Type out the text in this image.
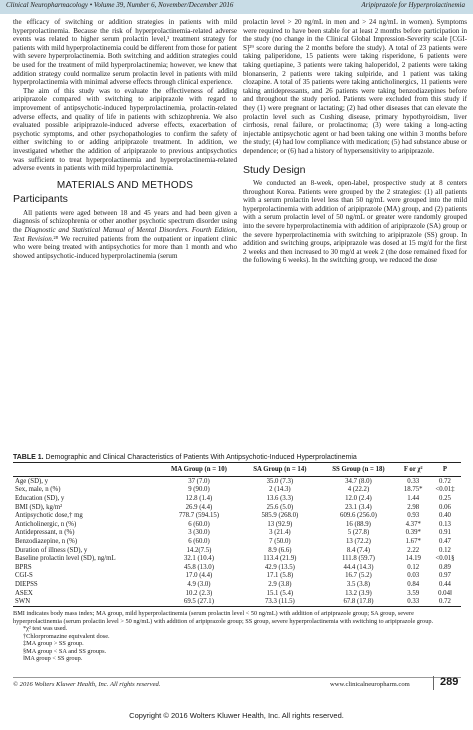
Clinical Neuropharmacology • Volume 39, Number 6, November/December 2016	Aripiprazole for Hyperprolactinemia

the efficacy of switching or addition strategies in patients with mild hyperprolactinemia. Because the risk of hyperprolactinemia-related adverse events was related to higher serum prolactin level,¹ treatment strategy for patients with mild hyperprolactinemia could be different from those for patient with severe hyperprolactinemia. Both switching and addition strategies could be used for the treatment of mild hyperprolactinemia; however, we knew that addition strategy could normalize serum prolactin level in patients with mild hyperprolactinemia with minimal adverse effects through clinical experience.

The aim of this study was to evaluate the effectiveness of adding aripiprazole compared with switching to aripiprazole with regard to improvement of antipsychotic-induced hyperprolactinemia, prolactin-related adverse effects, and quality of life in patients with schizophrenia. We also evaluated possible aripiprazole-induced adverse effects, exacerbation of psychotic symptoms, and other psychopathologies to confirm the safety of either switching to or adding aripiprazole treatment. In addition, we investigated whether the addition of aripiprazole to previous antipsychotics was sufficient to treat hyperprolactinemia and hyperprolactinemia-related adverse events in patients with mild hyperprolactinemia.

MATERIALS AND METHODS
Participants

All patients were aged between 18 and 45 years and had been given a diagnosis of schizophrenia or other another psychotic spectrum disorder using the Diagnostic and Statistical Manual of Mental Disorders. Fourth Edition, Text Revision.²⁸ We recruited patients from the outpatient or inpatient clinic who were being treated with antipsychotics for more than 1 month and who showed antipsychotic-induced hyperprolactinemia (serum

prolactin level > 20 ng/mL in men and > 24 ng/mL in women). Symptoms were required to have been stable for at least 2 months before participation in the study (no change in the Clinical Global Impression-Severity scale [CGI-S]²⁹ score during the 2 months before the study). A total of 23 patients were taking paliperidone, 15 patients were taking risperidone, 6 patients were taking quetiapine, 3 patients were taking haloperidol, 2 patients were taking blonanserin, 2 patients were taking sulpiride, and 1 patient was taking clozapine. A total of 35 patients were taking anticholinergics, 11 patients were taking antidepressants, and 26 patients were taking benzodiazepines before and throughout the study period. Patients were excluded from this study if they (1) were pregnant or lactating; (2) had other diseases that can elevate the prolactin level such as Cushing disease, primary hypothyroidism, liver cirrhosis, renal failure, or prolactinoma; (3) were taking a long-acting injectable antipsychotic agent or had been taking one within 3 months before the study; (4) had low compliance with medication; (5) had substance abuse or dependence; or (6) had a history of hypersensitivity to aripiprazole.

Study Design

We conducted an 8-week, open-label, prospective study at 8 centers throughout Korea. Patients were grouped by the 2 strategies: (1) all patients with a serum prolactin level less than 50 ng/mL were grouped into the mild hyperprolactinemia with addition of aripiprazole (MA) group, and (2) patients with a serum prolactin level of 50 ng/mL or greater were randomly grouped into the severe hyperprolactinemia with addition of aripiprazole (SA) group or the severe hyperprolactinemia with switching to aripiprazole (SS) group. In addition and switching groups, aripiprazole was dosed at 15 mg/d for the first 2 weeks and then increased to 30 mg/d at week 2 (the dose remained fixed for the following 6 weeks). In the switching group, we reduced the dose

TABLE 1. Demographic and Clinical Characteristics of Patients With Antipsychotic-Induced Hyperprolactinemia
	MA Group (n = 10)	SA Group (n = 14)	SS Group (n = 18)	F or χ²	P
Age (SD), y	37 (7.0)	35.0 (7.3)	34.7 (8.0)	0.33	0.72
Sex, male, n (%)	9 (90.0)	2 (14.3)	4 (22.2)	18.75*	<0.01‡
Education (SD), y	12.8 (1.4)	13.6 (3.3)	12.0 (2.4)	1.44	0.25
BMI (SD), kg/m²	26.9 (4.4)	25.6 (5.0)	23.1 (3.4)	2.98	0.06
Antipsychotic dose,† mg	778.7 (594.15)	585.9 (268.0)	609.6 (256.0)	0.93	0.40
Anticholinergic, n (%)	6 (60.0)	13 (92.9)	16 (88.9)	4.37*	0.13
Antidepressant, n (%)	3 (30.0)	3 (21.4)	5 (27.8)	0.39*	0.91
Benzodiazepine, n (%)	6 (60.0)	7 (50.0)	13 (72.2)	1.67*	0.47
Duration of illness (SD), y	14.2(7.5)	8.9 (6.6)	8.4 (7.4)	2.22	0.12
Baseline prolactin level (SD), ng/mL	32.1 (10.4)	113.4 (21.9)	111.8 (59.7)	14.19	<0.01§
BPRS	45.8 (13.0)	42.9 (13.5)	44.4 (14.3)	0.12	0.89
CGI-S	17.0 (4.4)	17.1 (5.8)	16.7 (5.2)	0.03	0.97
DIEPSS	4.9 (3.0)	2.9 (3.8)	3.5 (3.8)	0.84	0.44
ASEX	10.2 (2.3)	15.1 (5.4)	13.2 (3.9)	3.59	0.04‖
SWN	69.5 (27.1)	73.3 (11.5)	67.8 (17.8)	0.33	0.72
BMI indicates body mass index; MA group, mild hyperprolactinemia (serum prolactin level < 50 ng/mL) with addition of aripiprazole group; SA group, severe hyperprolactinemia (serum prolactin level > 50 ng/mL) with addition of aripiprazole group; SS group, severe hyperprolactinemia with switching to aripiprazole group.
*χ² test was used.
†Chlorpromazine equivalent dose.
‡MA group > SS group.
§MA group < SA and SS groups.
‖MA group < SS group.
© 2016 Wolters Kluwer Health, Inc. All rights reserved.	www.clinicalneuropharm.com	289
Copyright © 2016 Wolters Kluwer Health, Inc. All rights reserved.
